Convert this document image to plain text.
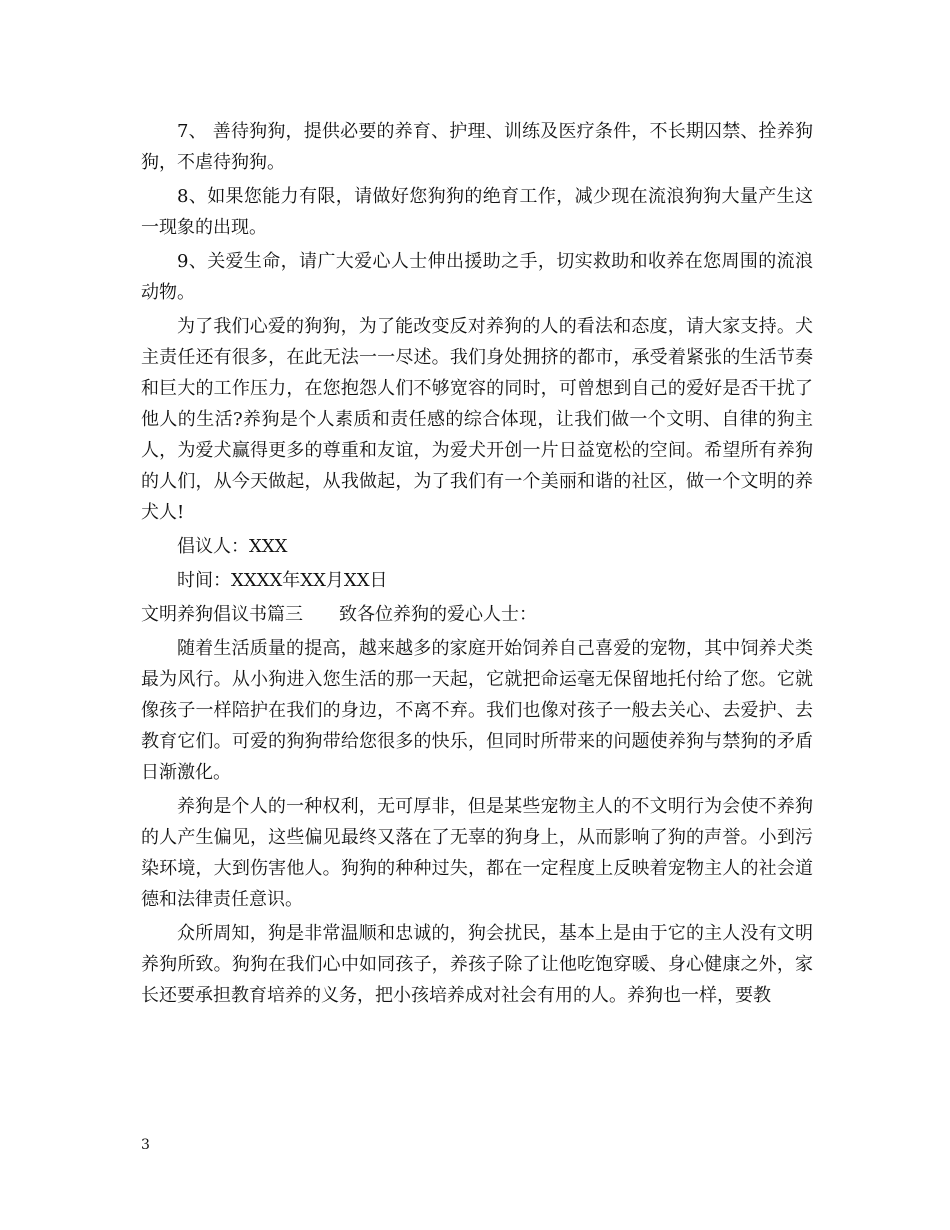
7、 善待狗狗，提供必要的养育、护理、训练及医疗条件，不长期囚禁、拴养狗狗，不虐待狗狗。

8、如果您能力有限，请做好您狗狗的绝育工作，减少现在流浪狗狗大量产生这一现象的出现。

9、关爱生命，请广大爱心人士伸出援助之手，切实救助和收养在您周围的流浪动物。

为了我们心爱的狗狗，为了能改变反对养狗的人的看法和态度，请大家支持。犬主责任还有很多，在此无法一一尽述。我们身处拥挤的都市，承受着紧张的生活节奏和巨大的工作压力，在您抱怨人们不够宽容的同时，可曾想到自己的爱好是否干扰了他人的生活?养狗是个人素质和责任感的综合体现，让我们做一个文明、自律的狗主人，为爱犬赢得更多的尊重和友谊，为爱犬开创一片日益宽松的空间。希望所有养狗的人们，从今天做起，从我做起，为了我们有一个美丽和谐的社区，做一个文明的养犬人!

倡议人：XXX

时间：XXXX年XX月XX日

文明养狗倡议书篇三 致各位养狗的爱心人士：

随着生活质量的提高，越来越多的家庭开始饲养自己喜爱的宠物，其中饲养犬类最为风行。从小狗进入您生活的那一天起，它就把命运毫无保留地托付给了您。它就像孩子一样陪护在我们的身边，不离不弃。我们也像对孩子一般去关心、去爱护、去教育它们。可爱的狗狗带给您很多的快乐，但同时所带来的问题使养狗与禁狗的矛盾日渐激化。

养狗是个人的一种权利，无可厚非，但是某些宠物主人的不文明行为会使不养狗的人产生偏见，这些偏见最终又落在了无辜的狗身上，从而影响了狗的声誉。小到污染环境，大到伤害他人。狗狗的种种过失，都在一定程度上反映着宠物主人的社会道德和法律责任意识。

众所周知，狗是非常温顺和忠诚的，狗会扰民，基本上是由于它的主人没有文明养狗所致。狗狗在我们心中如同孩子，养孩子除了让他吃饱穿暖、身心健康之外，家长还要承担教育培养的义务，把小孩培养成对社会有用的人。养狗也一样，要教

3
